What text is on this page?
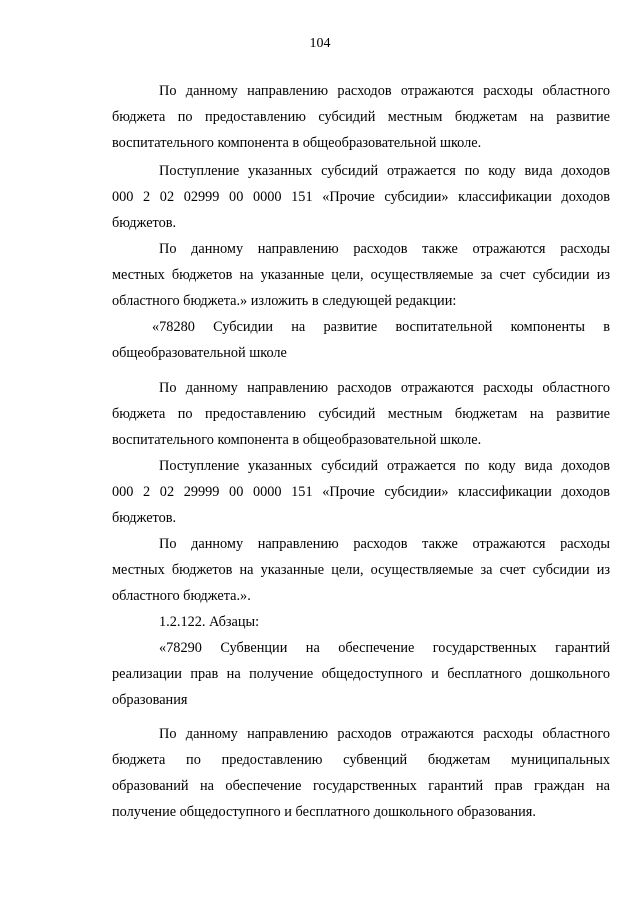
104
По данному направлению расходов отражаются расходы областного
бюджета по предоставлению субсидий местным бюджетам на развитие
воспитательного компонента в общеобразовательной школе.
Поступление указанных субсидий отражается по коду вида доходов
000 2 02 02999 00 0000 151 «Прочие субсидии» классификации доходов
бюджетов.
По данному направлению расходов также отражаются расходы
местных бюджетов на указанные цели, осуществляемые за счет субсидии из
областного бюджета.» изложить в следующей редакции:
«78280 Субсидии на развитие воспитательной компоненты в
общеобразовательной школе
По данному направлению расходов отражаются расходы областного
бюджета по предоставлению субсидий местным бюджетам на развитие
воспитательного компонента в общеобразовательной школе.
Поступление указанных субсидий отражается по коду вида доходов
000 2 02 29999 00 0000 151 «Прочие субсидии» классификации доходов
бюджетов.
По данному направлению расходов также отражаются расходы
местных бюджетов на указанные цели, осуществляемые за счет субсидии из
областного бюджета.».
1.2.122. Абзацы:
«78290 Субвенции на обеспечение государственных гарантий
реализации прав на получение общедоступного и бесплатного дошкольного
образования
По данному направлению расходов отражаются расходы областного
бюджета по предоставлению субвенций бюджетам муниципальных
образований на обеспечение государственных гарантий прав граждан на
получение общедоступного и бесплатного дошкольного образования.
